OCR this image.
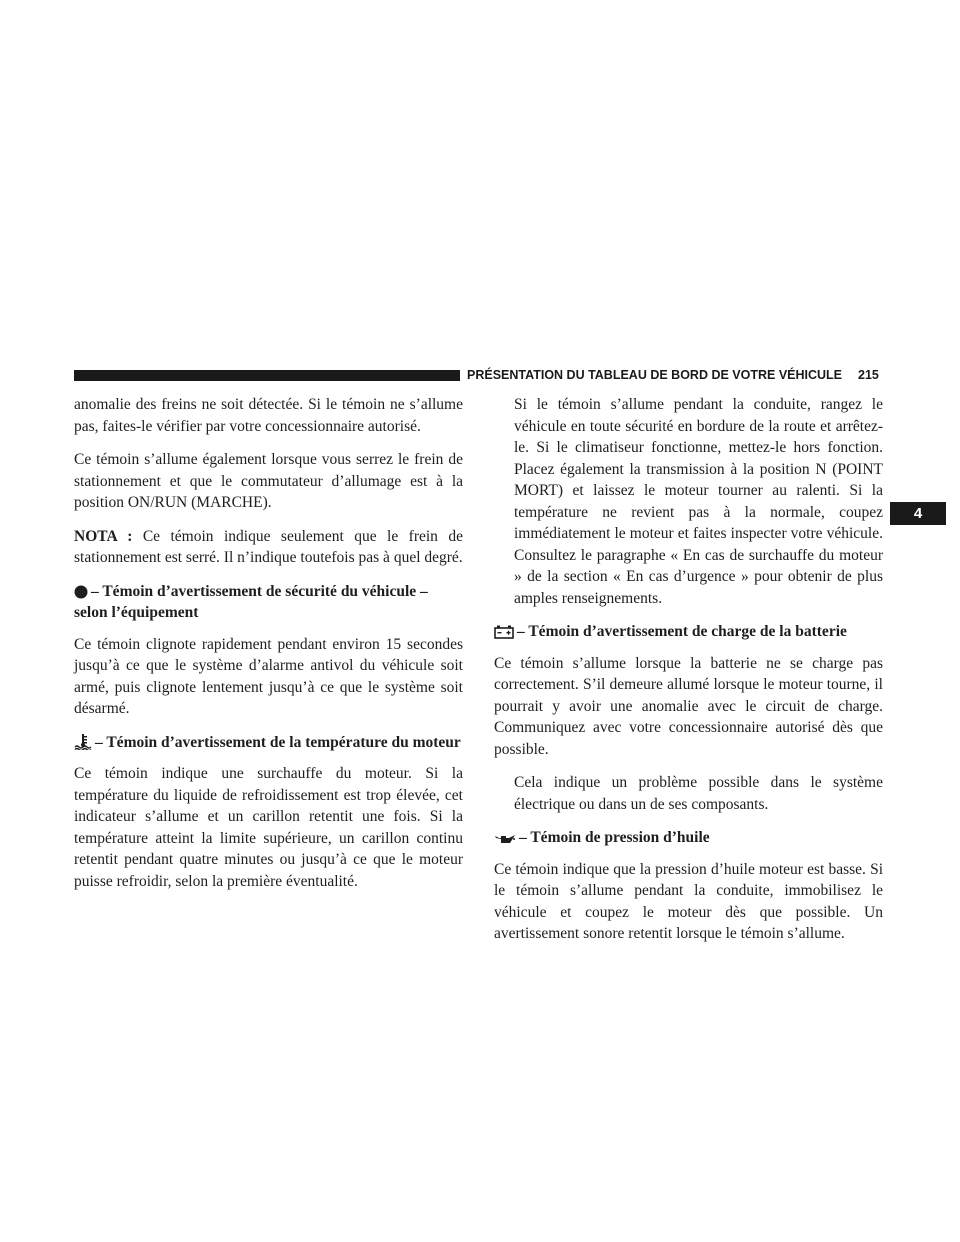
PRÉSENTATION DU TABLEAU DE BORD DE VOTRE VÉHICULE 215
4

anomalie des freins ne soit détectée. Si le témoin ne s’allume pas, faites-le vérifier par votre concessionnaire autorisé.

Ce témoin s’allume également lorsque vous serrez le frein de stationnement et que le commutateur d’allumage est à la position ON/RUN (MARCHE).

NOTA : Ce témoin indique seulement que le frein de stationnement est serré. Il n’indique toutefois pas à quel degré.

– Témoin d’avertissement de sécurité du véhicule – selon l’équipement

Ce témoin clignote rapidement pendant environ 15 secondes jusqu’à ce que le système d’alarme antivol du véhicule soit armé, puis clignote lentement jusqu’à ce que le système soit désarmé.

– Témoin d’avertissement de la température du moteur

Ce témoin indique une surchauffe du moteur. Si la température du liquide de refroidissement est trop élevée, cet indicateur s’allume et un carillon retentit une fois. Si la température atteint la limite supérieure, un carillon continu retentit pendant quatre minutes ou jusqu’à ce que le moteur puisse refroidir, selon la première éventualité.

Si le témoin s’allume pendant la conduite, rangez le véhicule en toute sécurité en bordure de la route et arrêtez-le. Si le climatiseur fonctionne, mettez-le hors fonction. Placez également la transmission à la position N (POINT MORT) et laissez le moteur tourner au ralenti. Si la température ne revient pas à la normale, coupez immédiatement le moteur et faites inspecter votre véhicule. Consultez le paragraphe « En cas de surchauffe du moteur » de la section « En cas d’urgence » pour obtenir de plus amples renseignements.

– Témoin d’avertissement de charge de la batterie

Ce témoin s’allume lorsque la batterie ne se charge pas correctement. S’il demeure allumé lorsque le moteur tourne, il pourrait y avoir une anomalie avec le circuit de charge. Communiquez avec votre concessionnaire autorisé dès que possible.

Cela indique un problème possible dans le système électrique ou dans un de ses composants.

– Témoin de pression d’huile

Ce témoin indique que la pression d’huile moteur est basse. Si le témoin s’allume pendant la conduite, immobilisez le véhicule et coupez le moteur dès que possible. Un avertissement sonore retentit lorsque le témoin s’allume.
